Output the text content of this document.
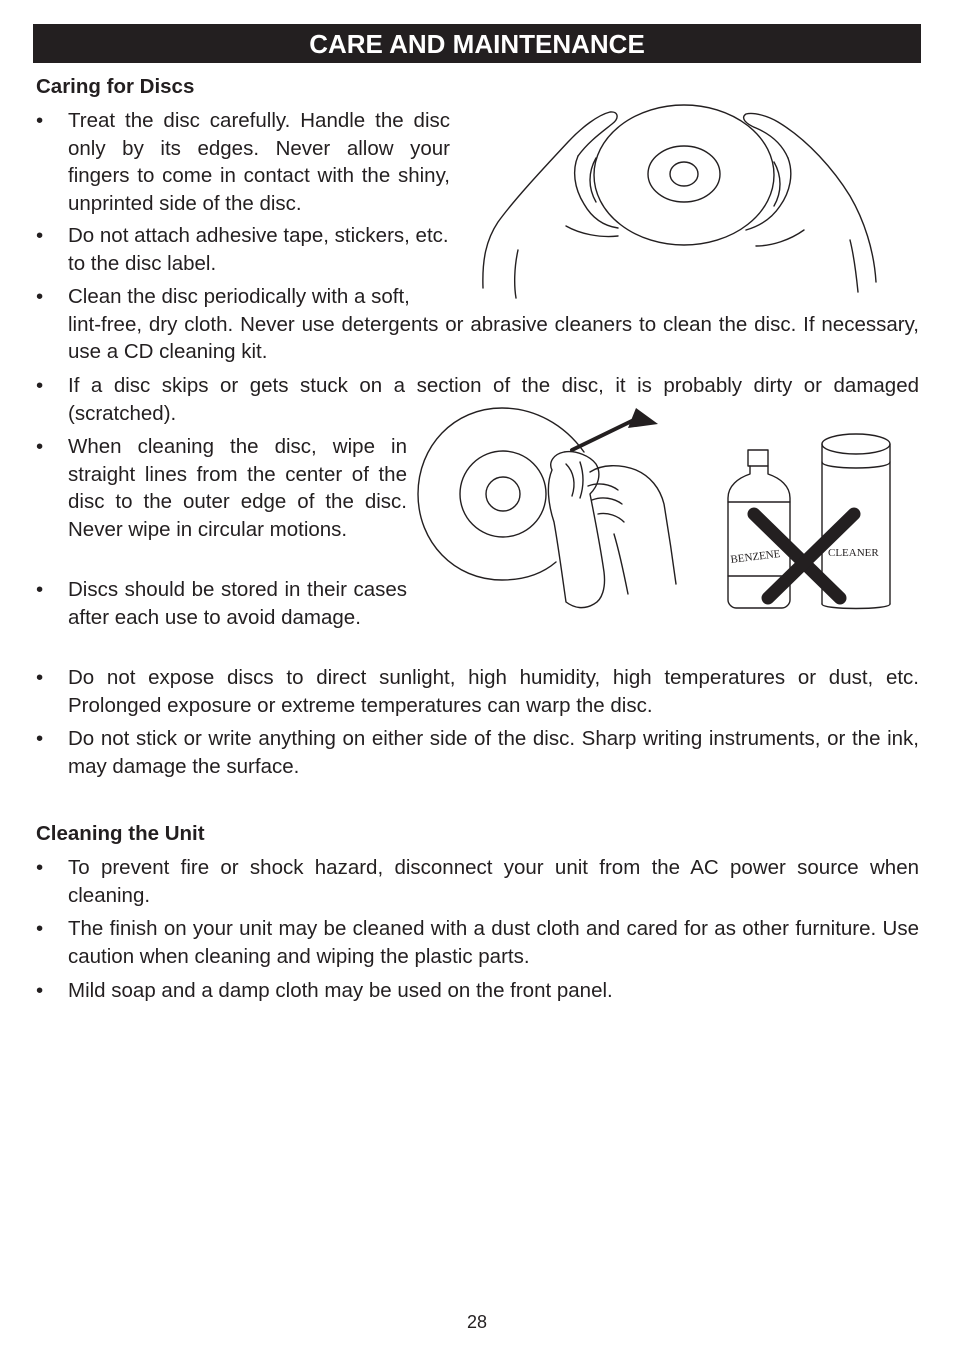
CARE AND MAINTENANCE
Caring for Discs
•	Treat the disc carefully. Handle the disc only by its edges. Never allow your fingers to come in contact with the shiny, unprinted side of the disc.
•	Do not attach adhesive tape, stickers, etc. to the disc label.
• Clean the disc periodically with a soft,
lint-free, dry cloth. Never use detergents or abrasive cleaners to clean the disc. If necessary, use a CD cleaning kit.
•	If a disc skips or gets stuck on a section of the disc, it is probably dirty or damaged (scratched).
•	When cleaning the disc, wipe in straight lines from the center of the disc to the outer edge of the disc. Never wipe in circular motions.
•	Discs should be stored in their cases after each use to avoid damage.
•	Do not expose discs to direct sunlight, high humidity, high temperatures or dust, etc. Prolonged exposure or extreme temperatures can warp the disc.
•	Do not stick or write anything on either side of the disc. Sharp writing instruments, or the ink, may damage the surface.
Cleaning the Unit
•	To prevent fire or shock hazard, disconnect your unit from the AC power source when cleaning.
•	The finish on your unit may be cleaned with a dust cloth and cared for as other furniture. Use caution when cleaning and wiping the plastic parts.
•	Mild soap and a damp cloth may be used on the front panel.
BENZENE	CLEANER
28
